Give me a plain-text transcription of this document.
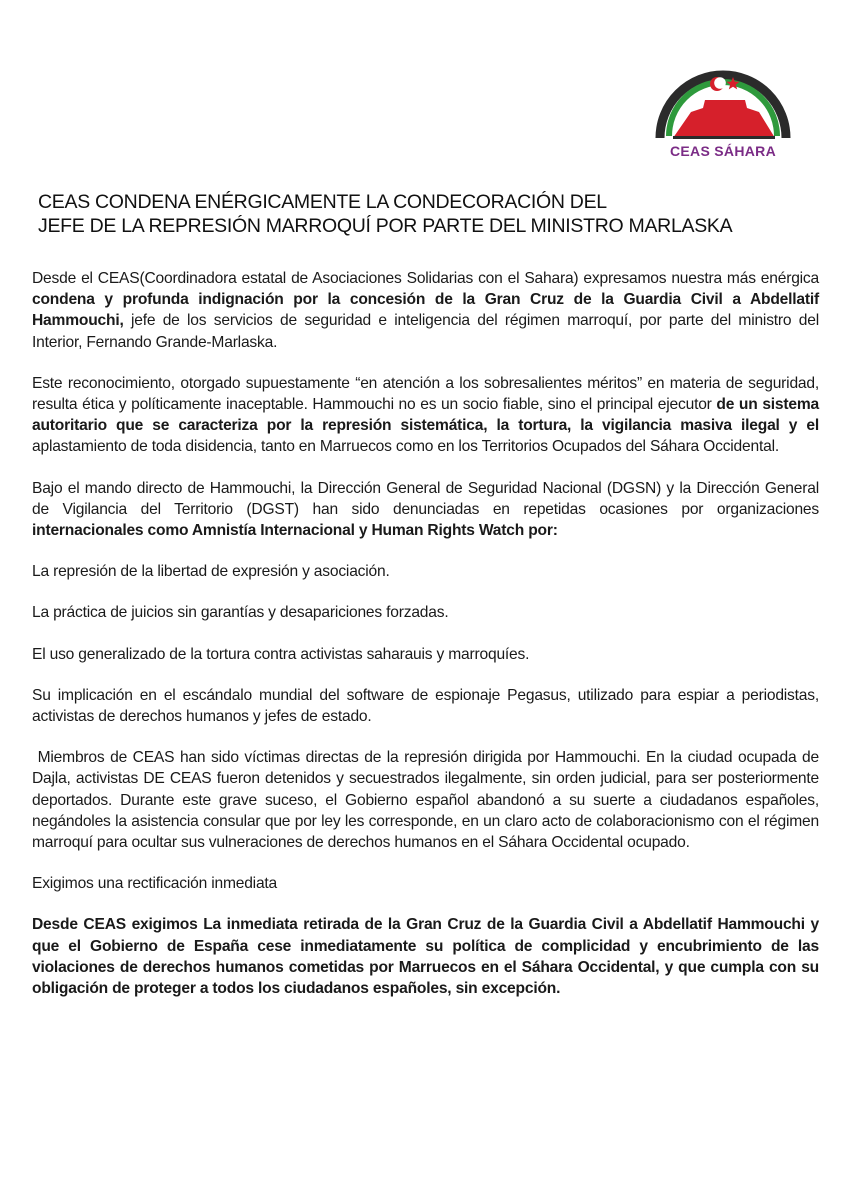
CEAS SÁHARA
CEAS CONDENA ENÉRGICAMENTE LA CONDECORACIÓN DEL
JEFE DE LA REPRESIÓN MARROQUÍ POR PARTE DEL MINISTRO MARLASKA

Desde el CEAS(Coordinadora estatal de Asociaciones Solidarias con el Sahara) expresamos nuestra más enérgica condena y profunda indignación por la concesión de la Gran Cruz de la Guardia Civil a Abdellatif Hammouchi, jefe de los servicios de seguridad e inteligencia del régimen marroquí, por parte del ministro del Interior, Fernando Grande-Marlaska.

Este reconocimiento, otorgado supuestamente “en atención a los sobresalientes méritos” en materia de seguridad, resulta ética y políticamente inaceptable. Hammouchi no es un socio fiable, sino el principal ejecutor de un sistema autoritario que se caracteriza por la represión sistemática, la tortura, la vigilancia masiva ilegal y el aplastamiento de toda disidencia, tanto en Marruecos como en los Territorios Ocupados del Sáhara Occidental.

Bajo el mando directo de Hammouchi, la Dirección General de Seguridad Nacional (DGSN) y la Dirección General de Vigilancia del Territorio (DGST) han sido denunciadas en repetidas ocasiones por organizaciones internacionales como Amnistía Internacional y Human Rights Watch por:

La represión de la libertad de expresión y asociación.

La práctica de juicios sin garantías y desapariciones forzadas.

El uso generalizado de la tortura contra activistas saharauis y marroquíes.

Su implicación en el escándalo mundial del software de espionaje Pegasus, utilizado para espiar a periodistas, activistas de derechos humanos y jefes de estado.

Miembros de CEAS han sido víctimas directas de la represión dirigida por Hammouchi. En la ciudad ocupada de Dajla, activistas DE CEAS fueron detenidos y secuestrados ilegalmente, sin orden judicial, para ser posteriormente deportados. Durante este grave suceso, el Gobierno español abandonó a su suerte a ciudadanos españoles, negándoles la asistencia consular que por ley les corresponde, en un claro acto de colaboracionismo con el régimen marroquí para ocultar sus vulneraciones de derechos humanos en el Sáhara Occidental ocupado.

Exigimos una rectificación inmediata

Desde CEAS exigimos La inmediata retirada de la Gran Cruz de la Guardia Civil a Abdellatif Hammouchi y que el Gobierno de España cese inmediatamente su política de complicidad y encubrimiento de las violaciones de derechos humanos cometidas por Marruecos en el Sáhara Occidental, y que cumpla con su obligación de proteger a todos los ciudadanos españoles, sin excepción.
